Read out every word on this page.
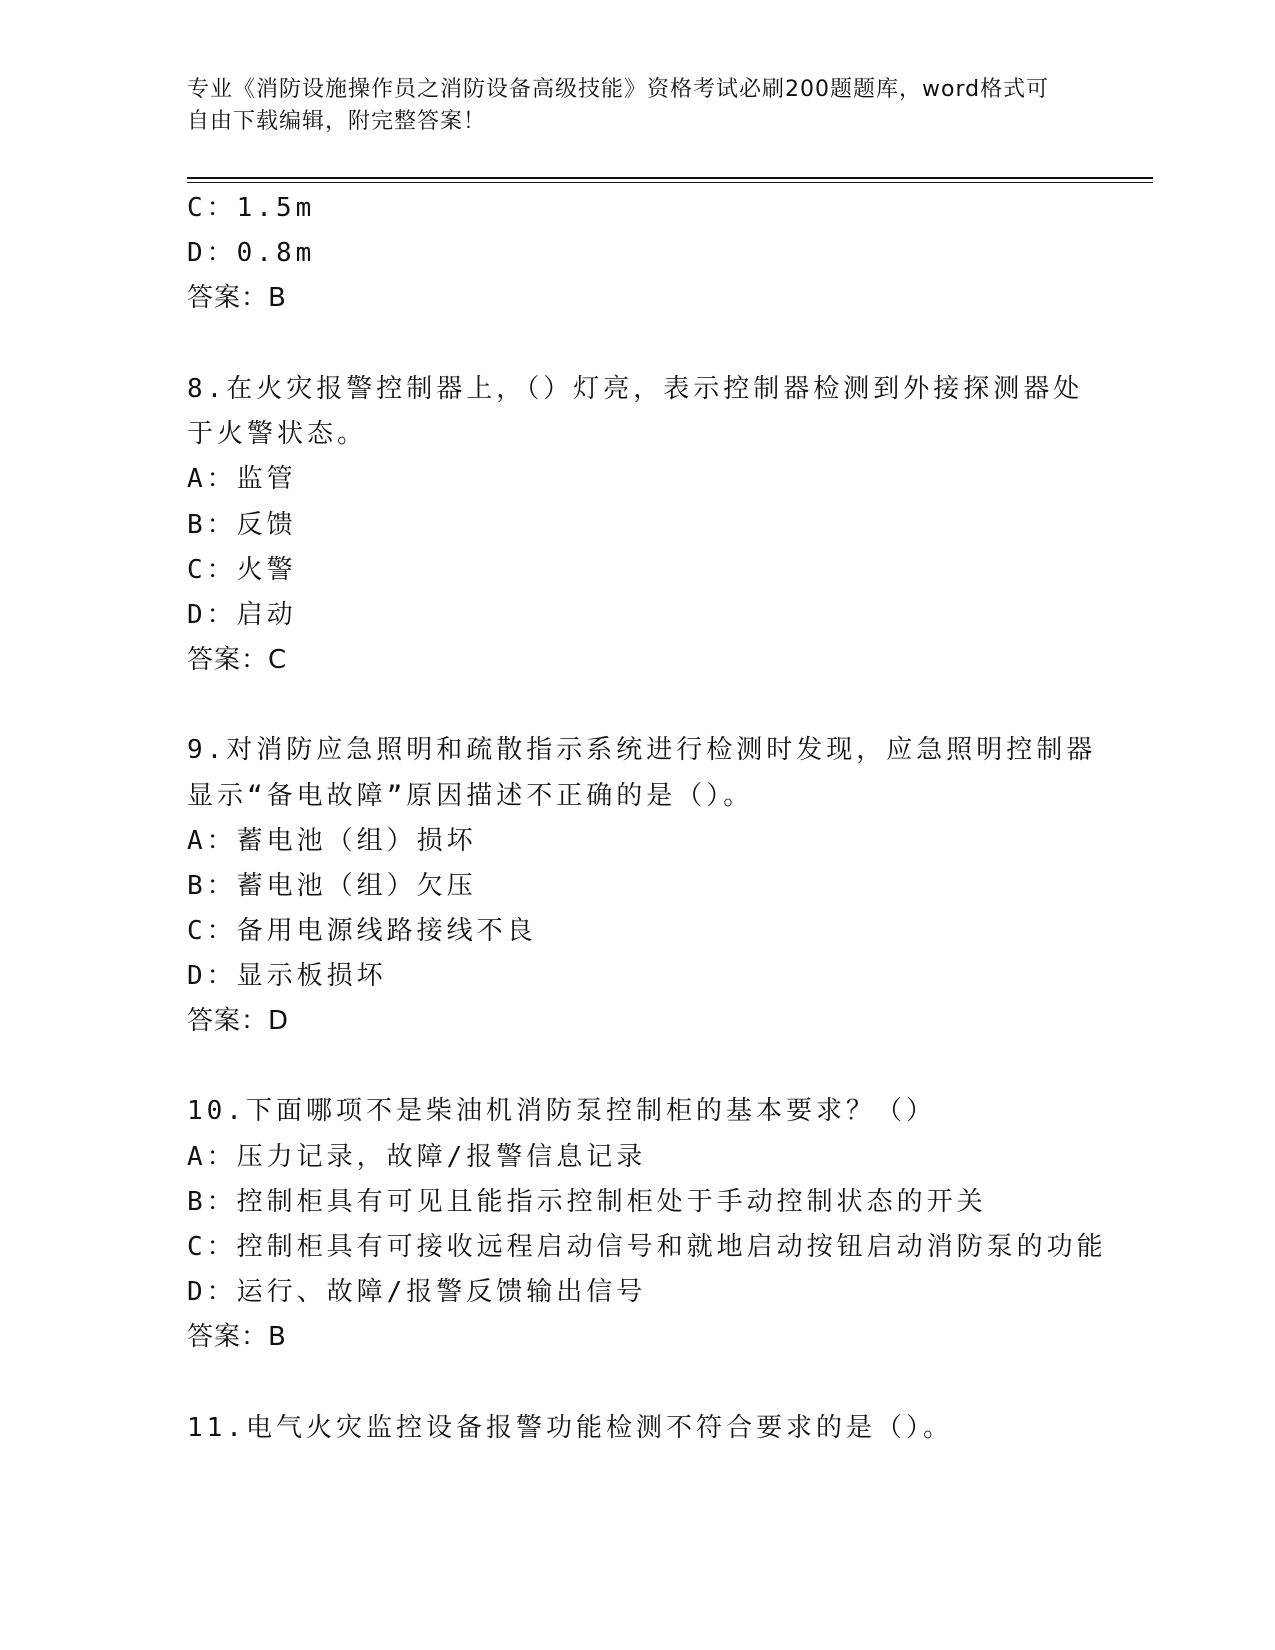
专业《消防设施操作员之消防设备高级技能》资格考试必刷200题题库，word格式可自由下载编辑，附完整答案！
C：1.5m
D：0.8m
答案：B
8.在火灾报警控制器上，（）灯亮，表示控制器检测到外接探测器处
于火警状态。
A：监管
B：反馈
C：火警
D：启动
答案：C
9.对消防应急照明和疏散指示系统进行检测时发现，应急照明控制器
显示“备电故障”原因描述不正确的是（）。
A：蓄电池（组）损坏
B：蓄电池（组）欠压
C：备用电源线路接线不良
D：显示板损坏
答案：D
10.下面哪项不是柴油机消防泵控制柜的基本要求？（）
A：压力记录，故障/报警信息记录
B：控制柜具有可见且能指示控制柜处于手动控制状态的开关
C：控制柜具有可接收远程启动信号和就地启动按钮启动消防泵的功能
D：运行、故障/报警反馈输出信号
答案：B
11.电气火灾监控设备报警功能检测不符合要求的是（）。
